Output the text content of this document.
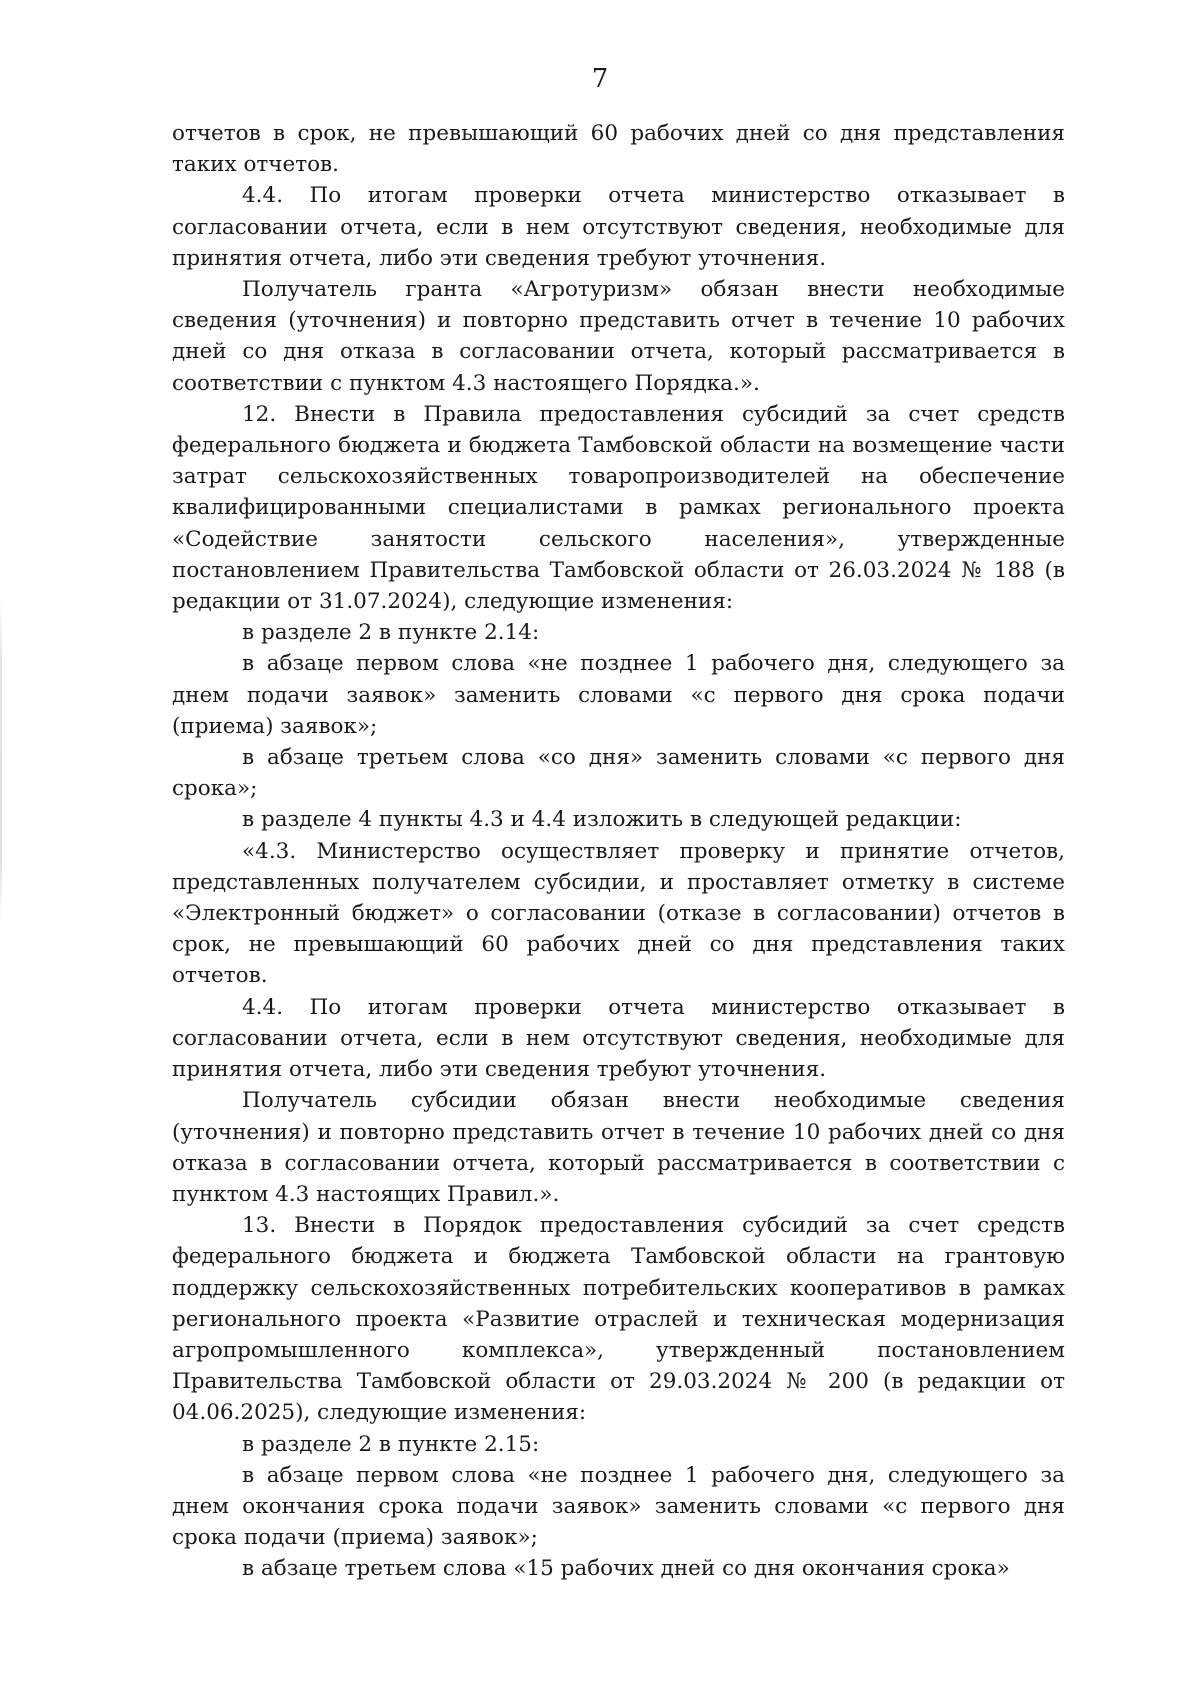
7

отчетов в срок, не превышающий 60 рабочих дней со дня представления таких отчетов.

4.4. По итогам проверки отчета министерство отказывает в согласовании отчета, если в нем отсутствуют сведения, необходимые для принятия отчета, либо эти сведения требуют уточнения.

Получатель гранта «Агротуризм» обязан внести необходимые сведения (уточнения) и повторно представить отчет в течение 10 рабочих дней со дня отказа в согласовании отчета, который рассматривается в соответствии с пунктом 4.3 настоящего Порядка.».

12. Внести в Правила предоставления субсидий за счет средств федерального бюджета и бюджета Тамбовской области на возмещение части затрат сельскохозяйственных товаропроизводителей на обеспечение квалифицированными специалистами в рамках регионального проекта «Содействие занятости сельского населения», утвержденные постановлением Правительства Тамбовской области от 26.03.2024 № 188 (в редакции от 31.07.2024), следующие изменения:

в разделе 2 в пункте 2.14:

в абзаце первом слова «не позднее 1 рабочего дня, следующего за днем подачи заявок» заменить словами «с первого дня срока подачи (приема) заявок»;

в абзаце третьем слова «со дня» заменить словами «с первого дня срока»;

в разделе 4 пункты 4.3 и 4.4 изложить в следующей редакции:

«4.3. Министерство осуществляет проверку и принятие отчетов, представленных получателем субсидии, и проставляет отметку в системе «Электронный бюджет» о согласовании (отказе в согласовании) отчетов в срок, не превышающий 60 рабочих дней со дня представления таких отчетов.

4.4. По итогам проверки отчета министерство отказывает в согласовании отчета, если в нем отсутствуют сведения, необходимые для принятия отчета, либо эти сведения требуют уточнения.

Получатель субсидии обязан внести необходимые сведения (уточнения) и повторно представить отчет в течение 10 рабочих дней со дня отказа в согласовании отчета, который рассматривается в соответствии с пунктом 4.3 настоящих Правил.».

13. Внести в Порядок предоставления субсидий за счет средств федерального бюджета и бюджета Тамбовской области на грантовую поддержку сельскохозяйственных потребительских кооперативов в рамках регионального проекта «Развитие отраслей и техническая модернизация агропромышленного комплекса», утвержденный постановлением Правительства Тамбовской области от 29.03.2024 № 200 (в редакции от 04.06.2025), следующие изменения:

в разделе 2 в пункте 2.15:

в абзаце первом слова «не позднее 1 рабочего дня, следующего за днем окончания срока подачи заявок» заменить словами «с первого дня срока подачи (приема) заявок»;

в абзаце третьем слова «15 рабочих дней со дня окончания срока»
